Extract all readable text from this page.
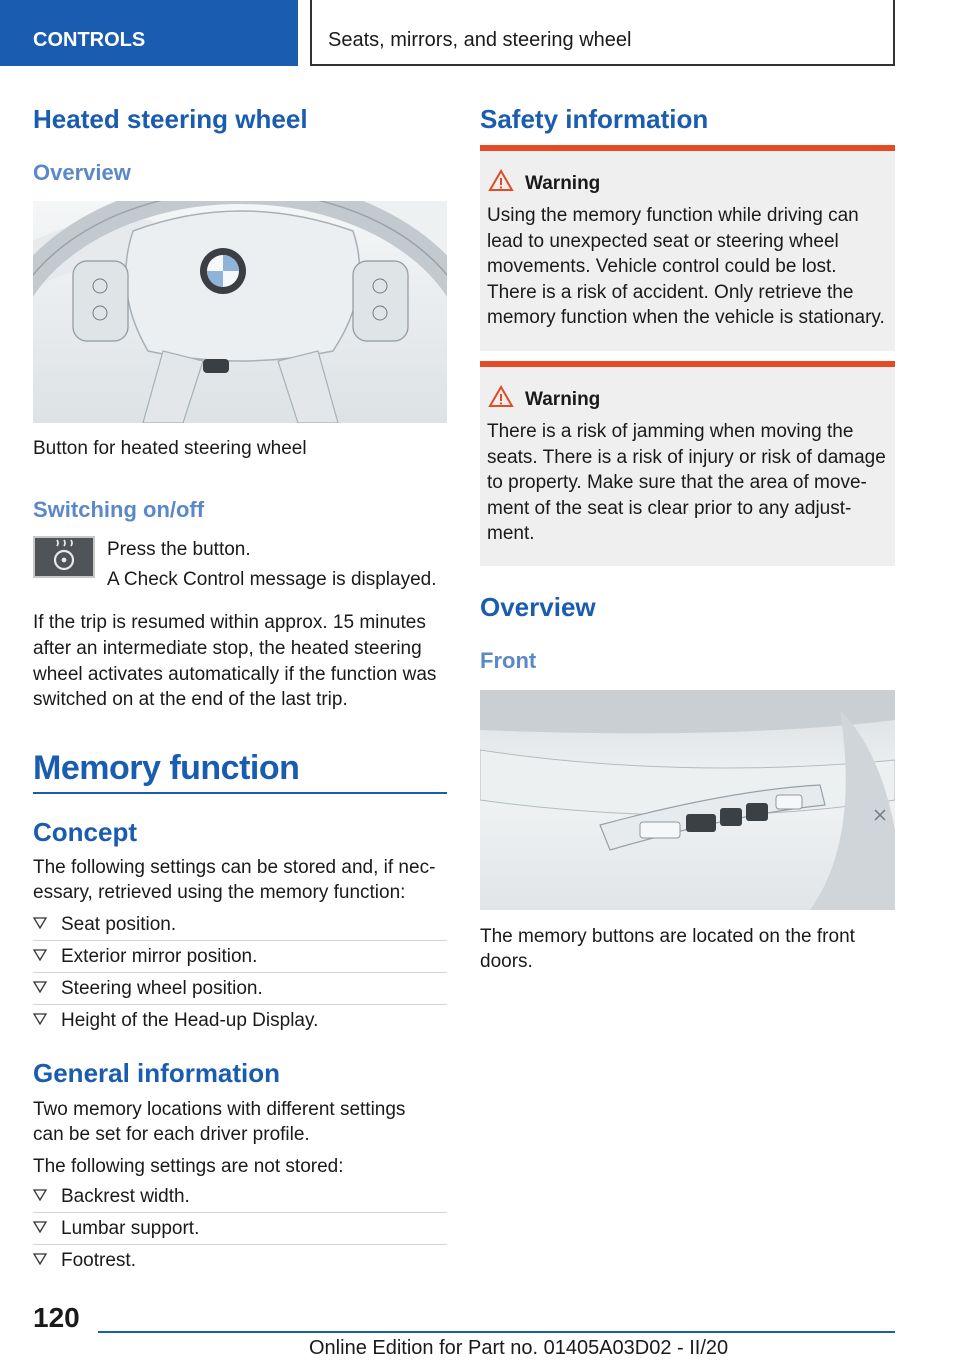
CONTROLS	Seats, mirrors, and steering wheel
Heated steering wheel
Overview
Button for heated steering wheel
Switching on/off
Press the button.
A Check Control message is displayed.
If the trip is resumed within approx. 15 minutes
after an intermediate stop, the heated steering
wheel activates automatically if the function was
switched on at the end of the last trip.
Memory function
Concept
The following settings can be stored and, if nec-
essary, retrieved using the memory function:
Seat position.
Exterior mirror position.
Steering wheel position.
Height of the Head-up Display.
General information
Two memory locations with different settings
can be set for each driver profile.
The following settings are not stored:
Backrest width.
Lumbar support.
Footrest.
Safety information
Warning
Using the memory function while driving can
lead to unexpected seat or steering wheel
movements. Vehicle control could be lost.
There is a risk of accident. Only retrieve the
memory function when the vehicle is stationary.
Warning
There is a risk of jamming when moving the
seats. There is a risk of injury or risk of damage
to property. Make sure that the area of move-
ment of the seat is clear prior to any adjust-
ment.
Overview
Front
The memory buttons are located on the front
doors.
120
Online Edition for Part no. 01405A03D02 - II/20
